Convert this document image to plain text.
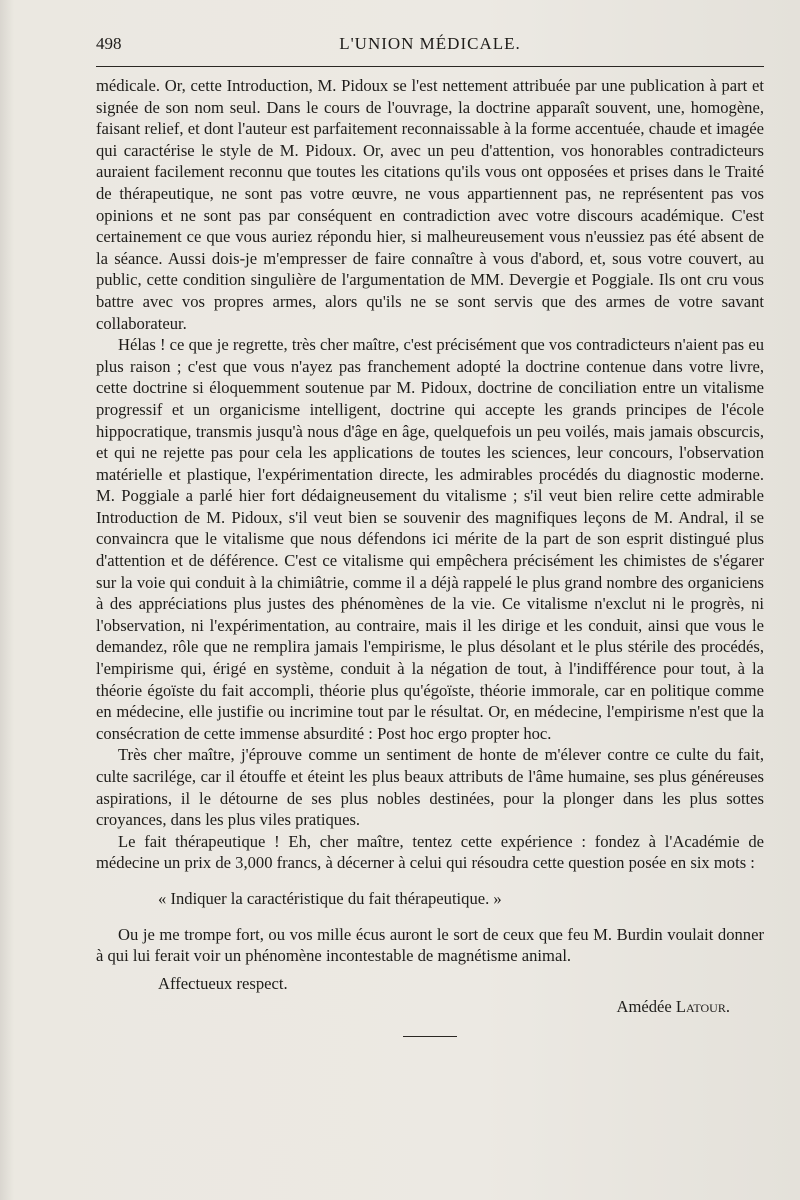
498	L'UNION MÉDICALE.

médicale. Or, cette Introduction, M. Pidoux se l'est nettement attribuée par une publication à part et signée de son nom seul. Dans le cours de l'ouvrage, la doctrine apparaît souvent, une, homogène, faisant relief, et dont l'auteur est parfaitement reconnaissable à la forme accentuée, chaude et imagée qui caractérise le style de M. Pidoux. Or, avec un peu d'attention, vos honorables contradicteurs auraient facilement reconnu que toutes les citations qu'ils vous ont opposées et prises dans le Traité de thérapeutique, ne sont pas votre œuvre, ne vous appartiennent pas, ne représentent pas vos opinions et ne sont pas par conséquent en contradiction avec votre discours académique. C'est certainement ce que vous auriez répondu hier, si malheureusement vous n'eussiez pas été absent de la séance. Aussi dois-je m'empresser de faire connaître à vous d'abord, et, sous votre couvert, au public, cette condition singulière de l'argumentation de MM. Devergie et Poggiale. Ils ont cru vous battre avec vos propres armes, alors qu'ils ne se sont servis que des armes de votre savant collaborateur.

Hélas ! ce que je regrette, très cher maître, c'est précisément que vos contradicteurs n'aient pas eu plus raison ; c'est que vous n'ayez pas franchement adopté la doctrine contenue dans votre livre, cette doctrine si éloquemment soutenue par M. Pidoux, doctrine de conciliation entre un vitalisme progressif et un organicisme intelligent, doctrine qui accepte les grands principes de l'école hippocratique, transmis jusqu'à nous d'âge en âge, quelquefois un peu voilés, mais jamais obscurcis, et qui ne rejette pas pour cela les applications de toutes les sciences, leur concours, l'observation matérielle et plastique, l'expérimentation directe, les admirables procédés du diagnostic moderne. M. Poggiale a parlé hier fort dédaigneusement du vitalisme ; s'il veut bien relire cette admirable Introduction de M. Pidoux, s'il veut bien se souvenir des magnifiques leçons de M. Andral, il se convaincra que le vitalisme que nous défendons ici mérite de la part de son esprit distingué plus d'attention et de déférence. C'est ce vitalisme qui empêchera précisément les chimistes de s'égarer sur la voie qui conduit à la chimiâtrie, comme il a déjà rappelé le plus grand nombre des organiciens à des appréciations plus justes des phénomènes de la vie. Ce vitalisme n'exclut ni le progrès, ni l'observation, ni l'expérimentation, au contraire, mais il les dirige et les conduit, ainsi que vous le demandez, rôle que ne remplira jamais l'empirisme, le plus désolant et le plus stérile des procédés, l'empirisme qui, érigé en système, conduit à la négation de tout, à l'indifférence pour tout, à la théorie égoïste du fait accompli, théorie plus qu'égoïste, théorie immorale, car en politique comme en médecine, elle justifie ou incrimine tout par le résultat. Or, en médecine, l'empirisme n'est que la consécration de cette immense absurdité : Post hoc ergo propter hoc.

Très cher maître, j'éprouve comme un sentiment de honte de m'élever contre ce culte du fait, culte sacrilége, car il étouffe et éteint les plus beaux attributs de l'âme humaine, ses plus généreuses aspirations, il le détourne de ses plus nobles destinées, pour la plonger dans les plus sottes croyances, dans les plus viles pratiques.

Le fait thérapeutique ! Eh, cher maître, tentez cette expérience : fondez à l'Académie de médecine un prix de 3,000 francs, à décerner à celui qui résoudra cette question posée en six mots :

« Indiquer la caractéristique du fait thérapeutique. »

Ou je me trompe fort, ou vos mille écus auront le sort de ceux que feu M. Burdin voulait donner à qui lui ferait voir un phénomène incontestable de magnétisme animal.

Affectueux respect.

Amédée Latour.
